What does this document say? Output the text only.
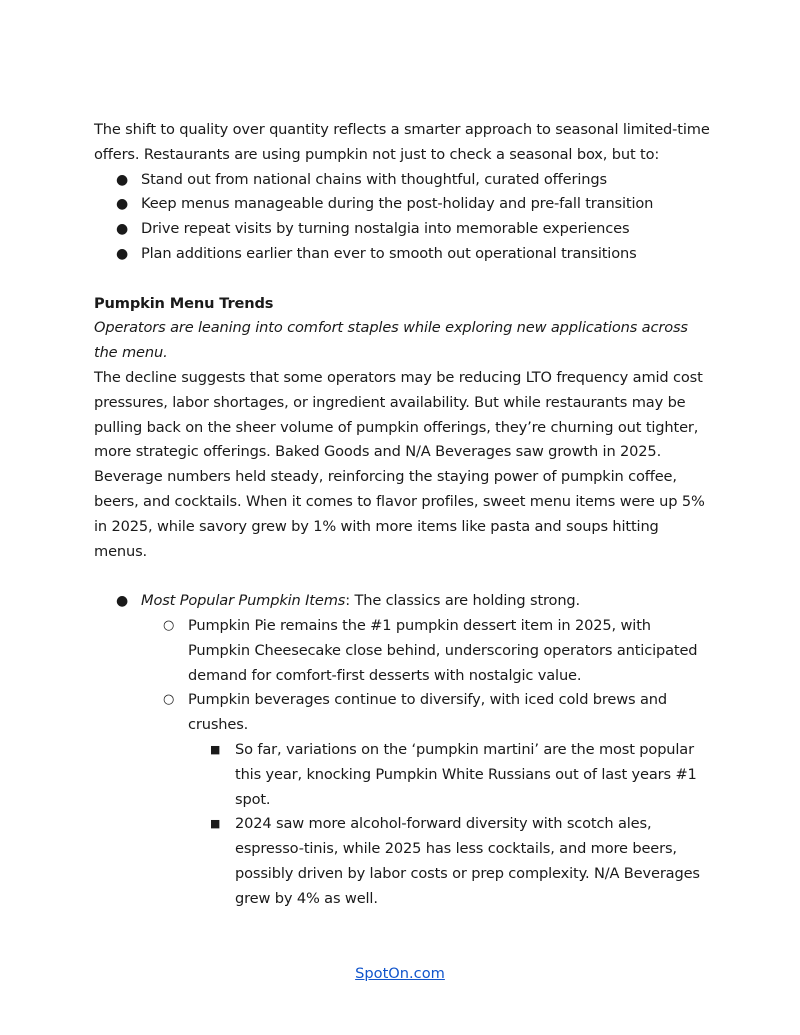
The shift to quality over quantity reflects a smarter approach to seasonal limited-time offers. Restaurants are using pumpkin not just to check a seasonal box, but to:

● Stand out from national chains with thoughtful, curated offerings
● Keep menus manageable during the post-holiday and pre-fall transition
● Drive repeat visits by turning nostalgia into memorable experiences
● Plan additions earlier than ever to smooth out operational transitions

Pumpkin Menu Trends

Operators are leaning into comfort staples while exploring new applications across the menu.

The decline suggests that some operators may be reducing LTO frequency amid cost pressures, labor shortages, or ingredient availability. But while restaurants may be pulling back on the sheer volume of pumpkin offerings, they’re churning out tighter, more strategic offerings. Baked Goods and N/A Beverages saw growth in 2025. Beverage numbers held steady, reinforcing the staying power of pumpkin coffee, beers, and cocktails. When it comes to flavor profiles, sweet menu items were up 5% in 2025, while savory grew by 1% with more items like pasta and soups hitting menus.

● Most Popular Pumpkin Items: The classics are holding strong.
○ Pumpkin Pie remains the #1 pumpkin dessert item in 2025, with Pumpkin Cheesecake close behind, underscoring operators anticipated demand for comfort-first desserts with nostalgic value.
○ Pumpkin beverages continue to diversify, with iced cold brews and crushes.
■ So far, variations on the ‘pumpkin martini’ are the most popular this year, knocking Pumpkin White Russians out of last years #1 spot.
■ 2024 saw more alcohol-forward diversity with scotch ales, espresso-tinis, while 2025 has less cocktails, and more beers, possibly driven by labor costs or prep complexity. N/A Beverages grew by 4% as well.
SpotOn.com
